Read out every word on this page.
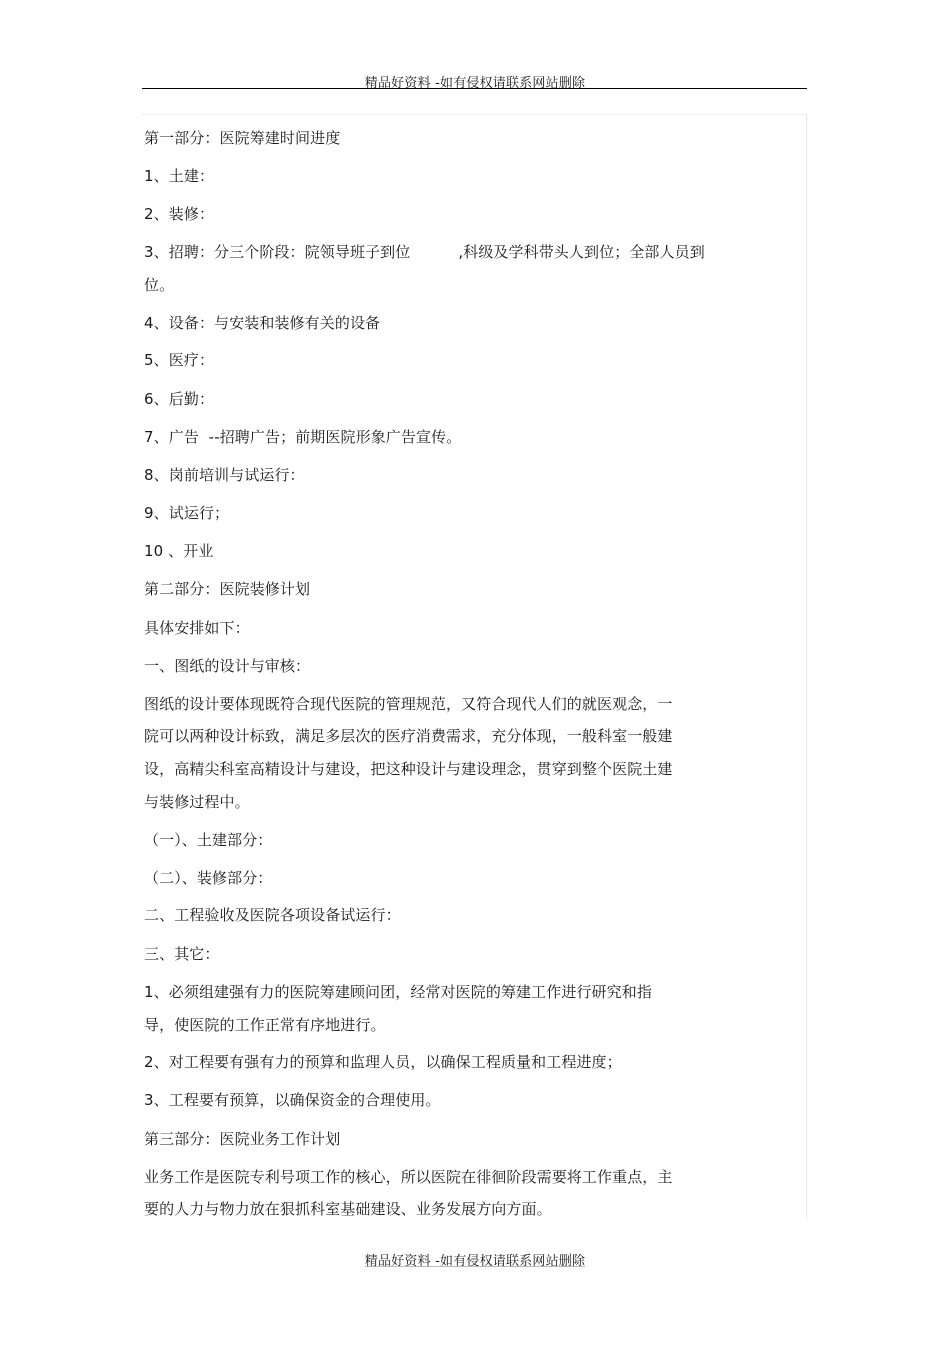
精品好资料 -如有侵权请联系网站删除
第一部分：医院筹建时间进度
1、土建：
2、装修：
3、招聘：分三个阶段：院领导班子到位	,科级及学科带头人到位；全部人员到
位。
4、设备：与安装和装修有关的设备
5、医疗：
6、后勤：
7、广告  --招聘广告；前期医院形象广告宣传。
8、岗前培训与试运行：
9、试运行；
10 、开业
第二部分：医院装修计划
具体安排如下：
一、图纸的设计与审核：
图纸的设计要体现既符合现代医院的管理规范，又符合现代人们的就医观念，一
院可以两种设计标致，满足多层次的医疗消费需求，充分体现，一般科室一般建
设，高精尖科室高精设计与建设，把这种设计与建设理念，贯穿到整个医院土建
与装修过程中。
（一）、土建部分：
（二）、装修部分：
二、工程验收及医院各项设备试运行：
三、其它：
1、必须组建强有力的医院筹建顾问团，经常对医院的筹建工作进行研究和指
导，使医院的工作正常有序地进行。
2、对工程要有强有力的预算和监理人员，以确保工程质量和工程进度；
3、工程要有预算，以确保资金的合理使用。
第三部分：医院业务工作计划
业务工作是医院专利号项工作的核心，所以医院在徘徊阶段需要将工作重点，主
要的人力与物力放在狠抓科室基础建设、业务发展方向方面。
精品好资料 -如有侵权请联系网站删除
